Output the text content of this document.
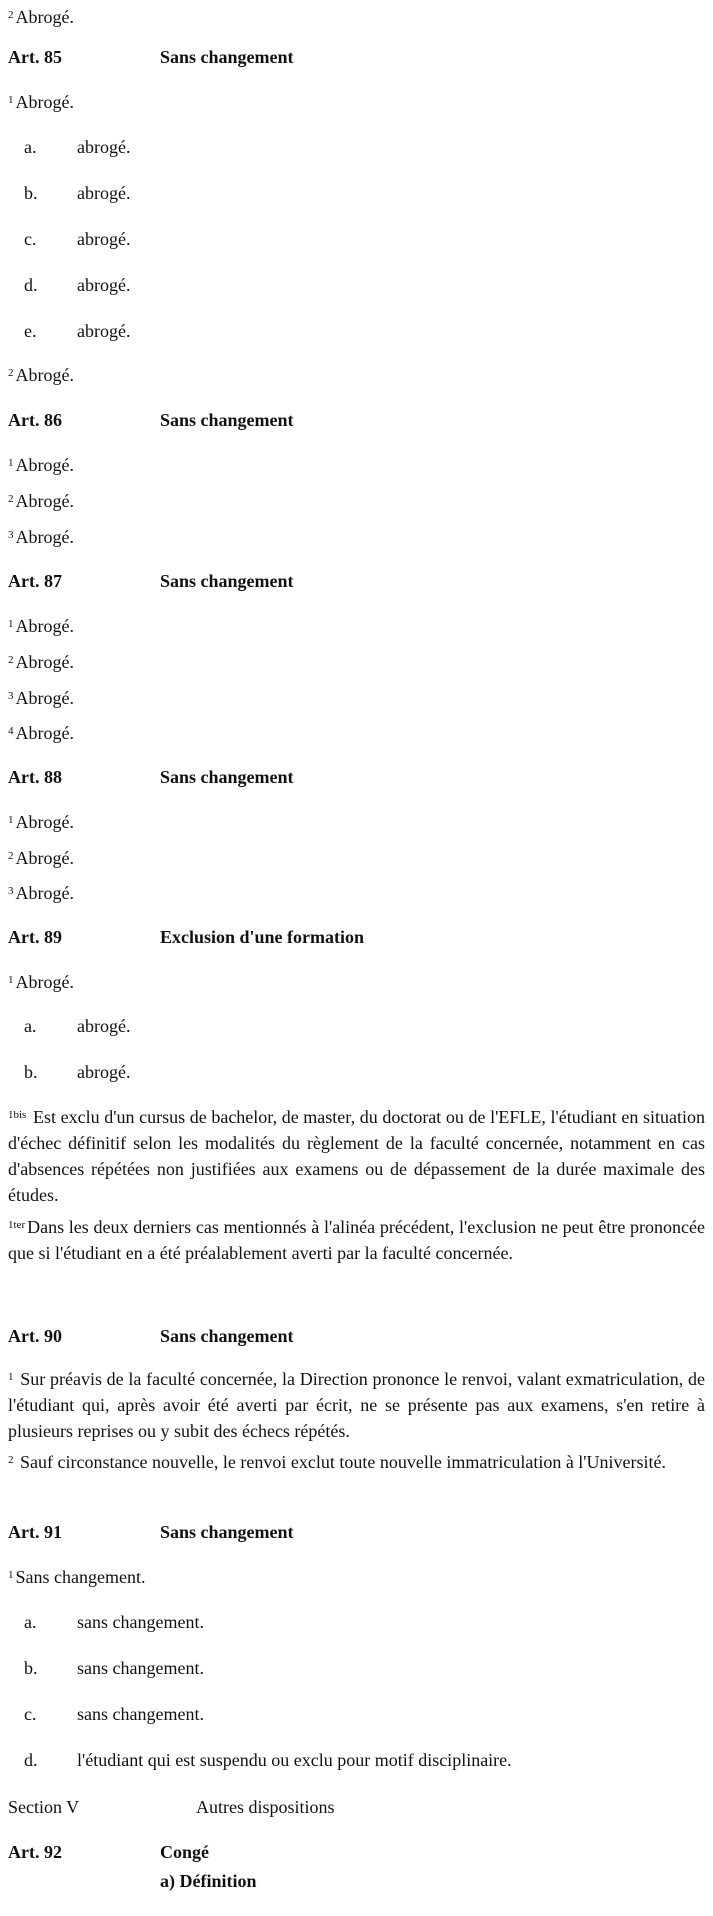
$^2$ Abrogé.
Art. 85	Sans changement
$^1$ Abrogé.
a. abrogé.
b. abrogé.
c. abrogé.
d. abrogé.
e. abrogé.
$^2$ Abrogé.
Art. 86	Sans changement
$^1$ Abrogé.
$^2$ Abrogé.
$^3$ Abrogé.
Art. 87	Sans changement
$^1$ Abrogé.
$^2$ Abrogé.
$^3$ Abrogé.
$^4$ Abrogé.
Art. 88	Sans changement
$^1$ Abrogé.
$^2$ Abrogé.
$^3$ Abrogé.
Art. 89	Exclusion d'une formation
$^1$ Abrogé.
a. abrogé.
b. abrogé.
$^{1bis}$ Est exclu d'un cursus de bachelor, de master, du doctorat ou de l'EFLE, l'étudiant en situation d'échec définitif selon les modalités du règlement de la faculté concernée, notamment en cas d'absences répétées non justifiées aux examens ou de dépassement de la durée maximale des études.
$^{1ter}$ Dans les deux derniers cas mentionnés à l'alinéa précédent, l'exclusion ne peut être prononcée que si l'étudiant en a été préalablement averti par la faculté concernée.
Art. 90	Sans changement
$^1$ Sur préavis de la faculté concernée, la Direction prononce le renvoi, valant exmatriculation, de l'étudiant qui, après avoir été averti par écrit, ne se présente pas aux examens, s'en retire à plusieurs reprises ou y subit des échecs répétés.
$^2$ Sauf circonstance nouvelle, le renvoi exclut toute nouvelle immatriculation à l'Université.
Art. 91	Sans changement
$^1$ Sans changement.
a. sans changement.
b. sans changement.
c. sans changement.
d. l'étudiant qui est suspendu ou exclu pour motif disciplinaire.
Section V	Autres dispositions
Art. 92	Congé
a) Définition
